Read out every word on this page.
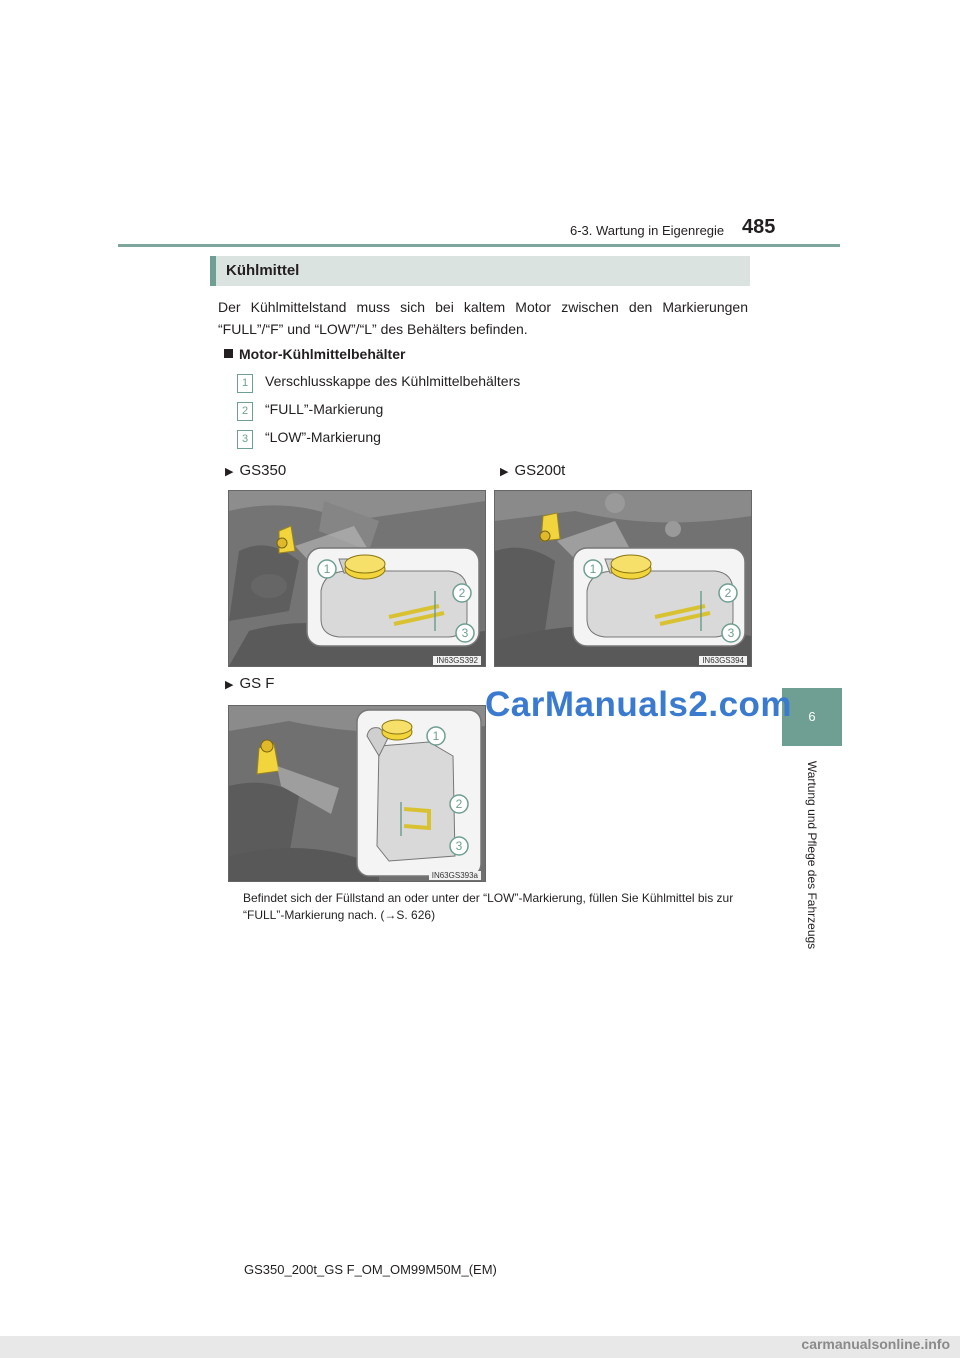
6-3. Wartung in Eigenregie 485
6
Wartung und Pflege des Fahrzeugs
Kühlmittel
Der Kühlmittelstand muss sich bei kaltem Motor zwischen den Markierungen “FULL”/“F” und “LOW”/“L” des Behälters befinden.
Motor-Kühlmittelbehälter
1 Verschlusskappe des Kühlmittelbehälters
2 “FULL”-Markierung
3 “LOW”-Markierung
▶ GS350	▶ GS200t
1
2
3
IN63GS392
1
2
3
IN63GS394
▶ GS F
1
2
3
IN63GS393a
CarManuals2.com
Befindet sich der Füllstand an oder unter der “LOW”-Markierung, füllen Sie Kühlmittel bis zur “FULL”-Markierung nach. (→S. 626)
GS350_200t_GS F_OM_OM99M50M_(EM)
carmanualsonline.info
